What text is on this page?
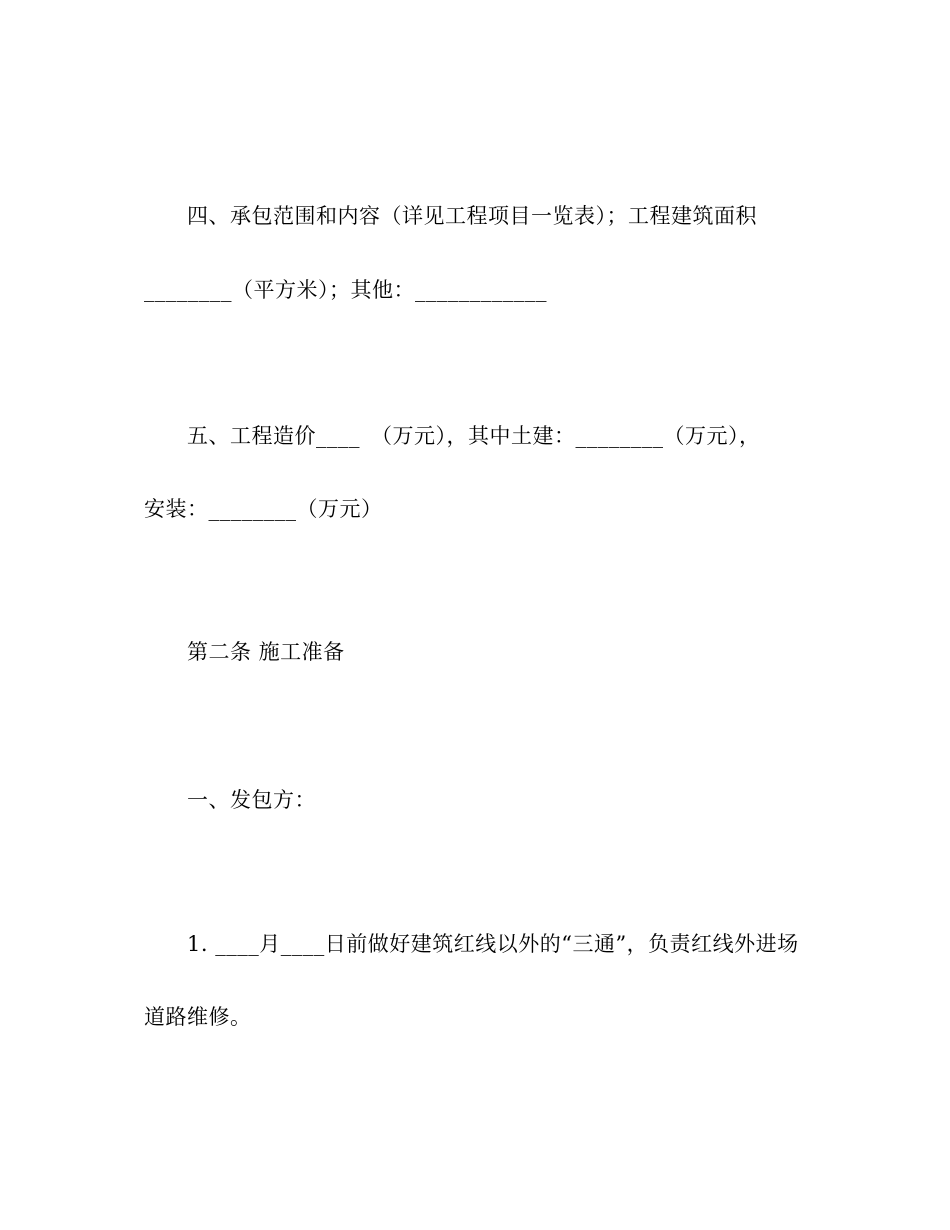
四、承包范围和内容（详见工程项目一览表）；工程建筑面积
________（平方米）；其他：____________
五、工程造价____　（万元），其中土建：________（万元），
安装：________（万元）
第二条 施工准备
一、发包方：
1. ____月____日前做好建筑红线以外的“三通”，负责红线外进场
道路维修。
